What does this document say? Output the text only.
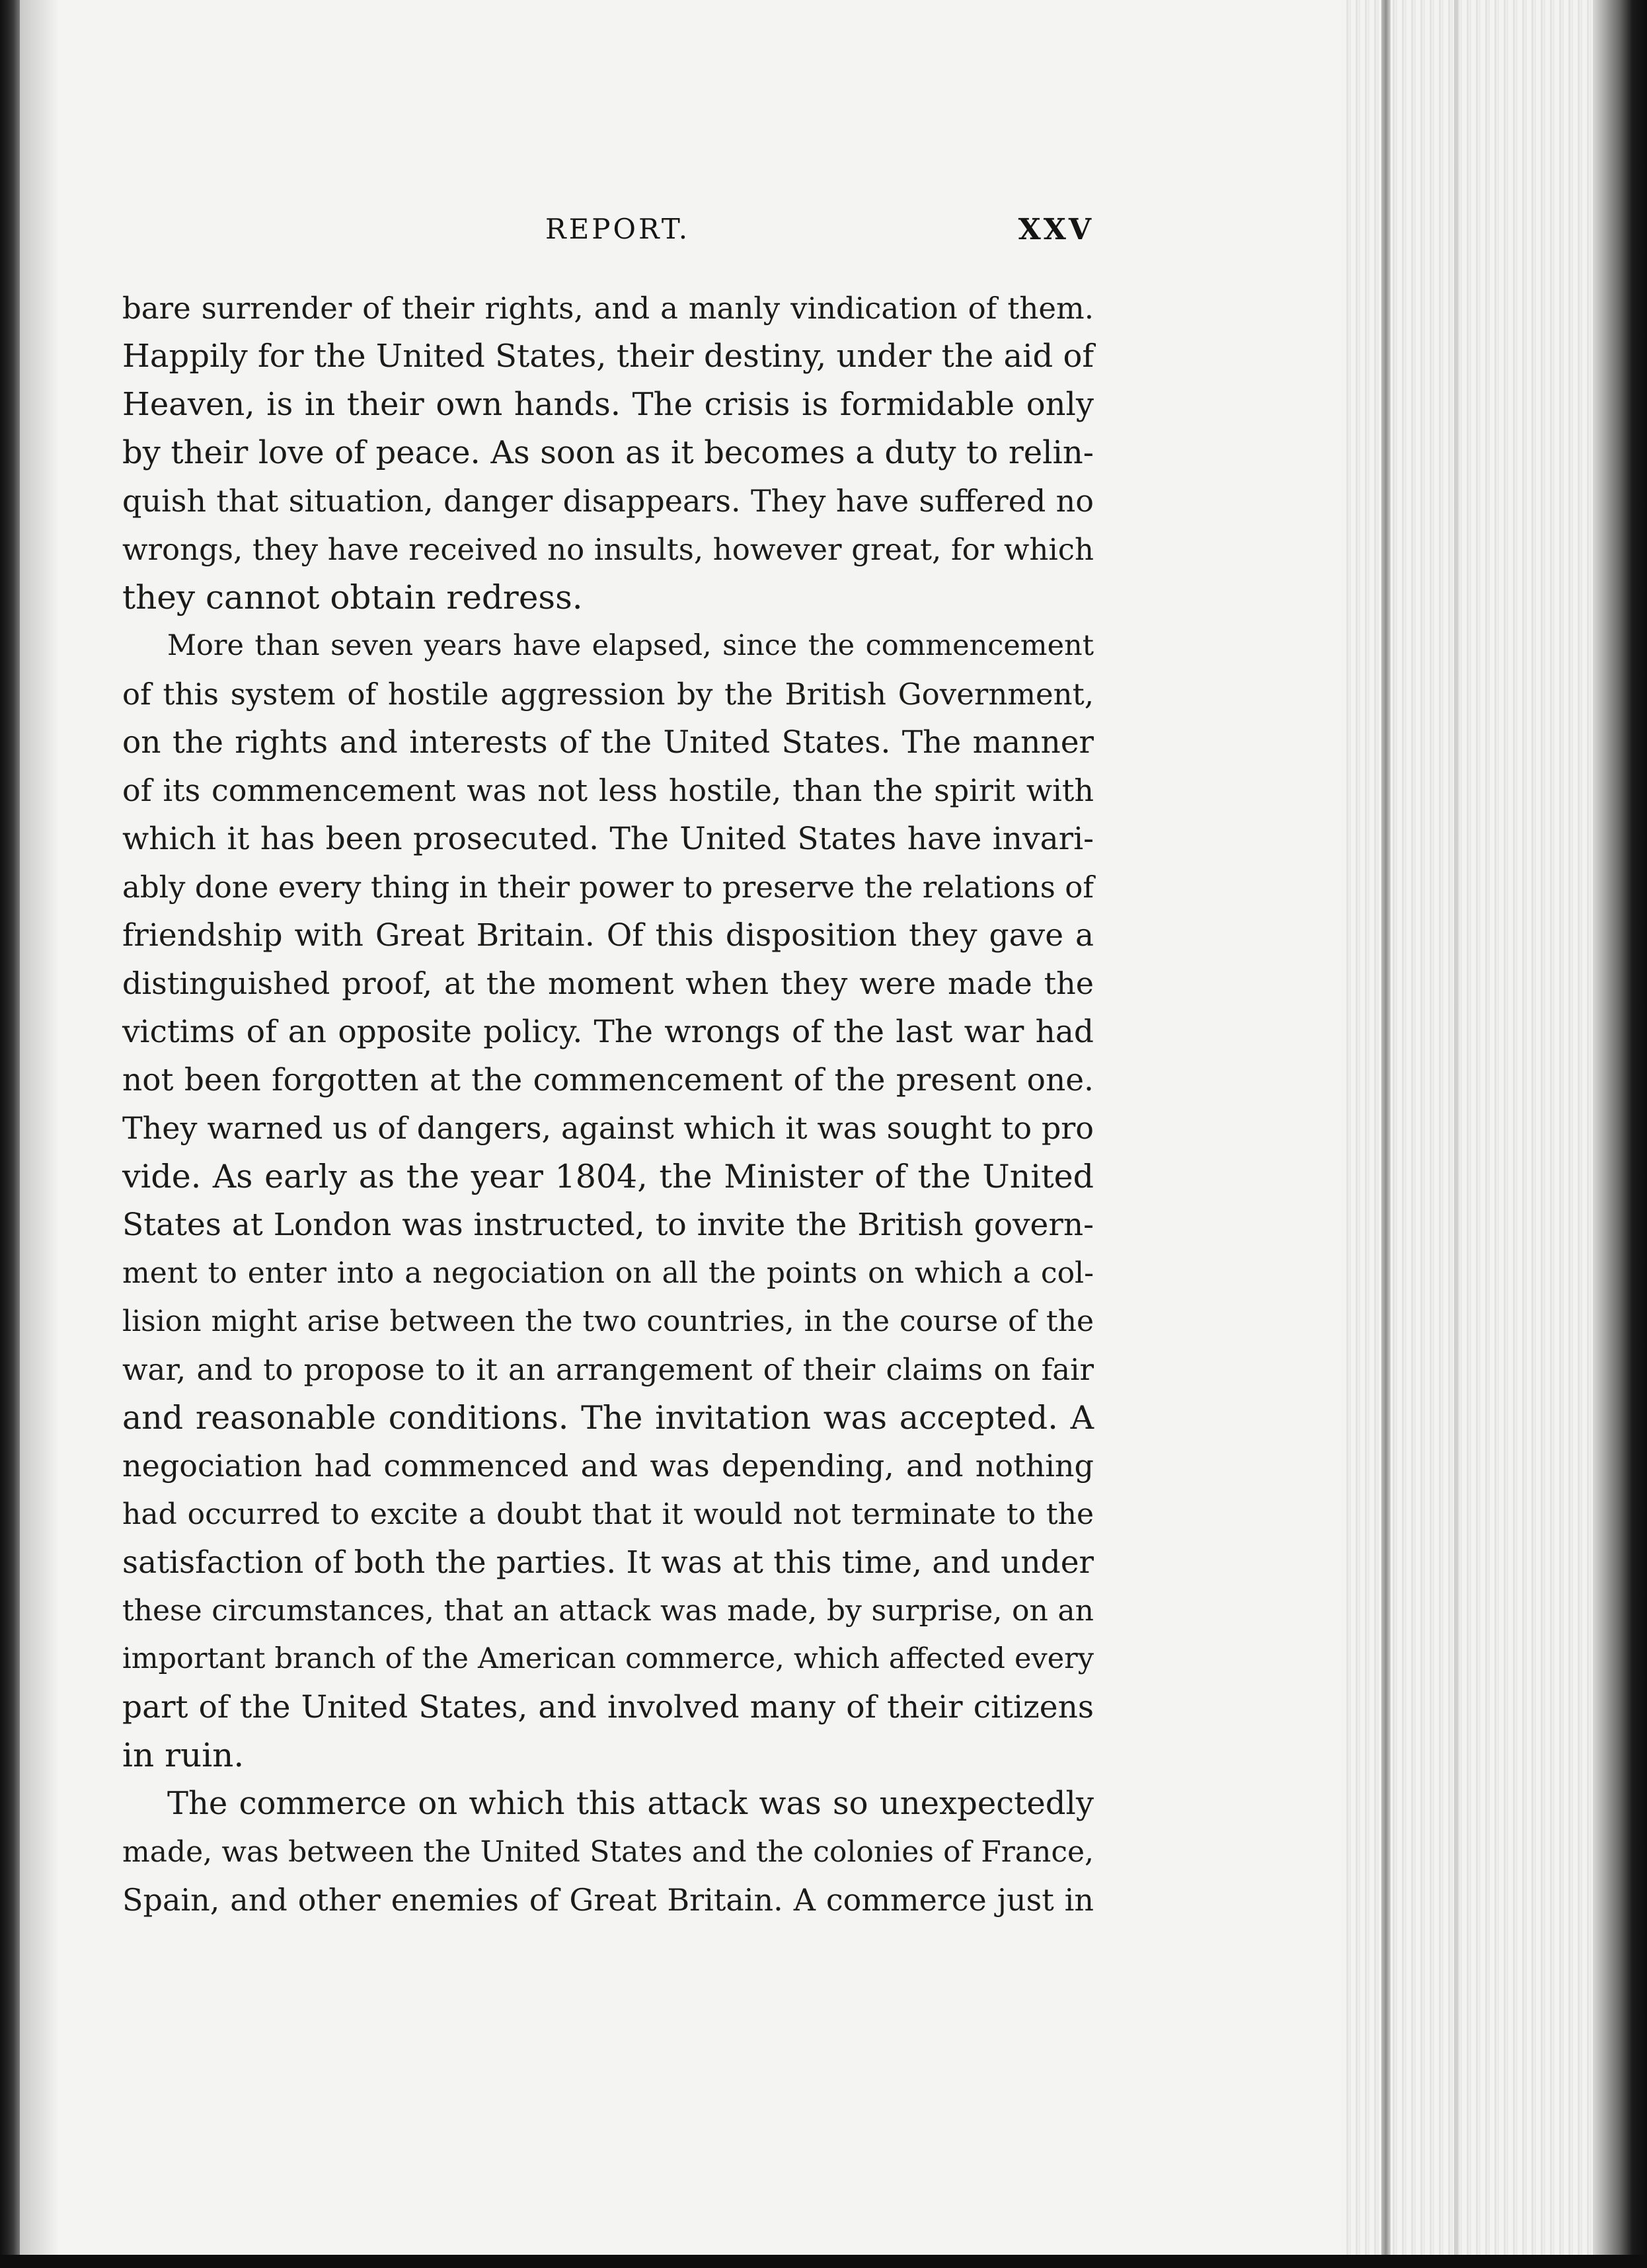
REPORT.	XXV
bare surrender of their rights, and a manly vindication of them.
Happily for the United States, their destiny, under the aid of
Heaven, is in their own hands. The crisis is formidable only
by their love of peace. As soon as it becomes a duty to relin-
quish that situation, danger disappears. They have suffered no
wrongs, they have received no insults, however great, for which
they cannot obtain redress.
More than seven years have elapsed, since the commencement
of this system of hostile aggression by the British Government,
on the rights and interests of the United States. The manner
of its commencement was not less hostile, than the spirit with
which it has been prosecuted. The United States have invari-
ably done every thing in their power to preserve the relations of
friendship with Great Britain. Of this disposition they gave a
distinguished proof, at the moment when they were made the
victims of an opposite policy. The wrongs of the last war had
not been forgotten at the commencement of the present one.
They warned us of dangers, against which it was sought to pro
vide. As early as the year 1804, the Minister of the United
States at London was instructed, to invite the British govern-
ment to enter into a negociation on all the points on which a col-
lision might arise between the two countries, in the course of the
war, and to propose to it an arrangement of their claims on fair
and reasonable conditions. The invitation was accepted. A
negociation had commenced and was depending, and nothing
had occurred to excite a doubt that it would not terminate to the
satisfaction of both the parties. It was at this time, and under
these circumstances, that an attack was made, by surprise, on an
important branch of the American commerce, which affected every
part of the United States, and involved many of their citizens
in ruin.
The commerce on which this attack was so unexpectedly
made, was between the United States and the colonies of France,
Spain, and other enemies of Great Britain. A commerce just in
